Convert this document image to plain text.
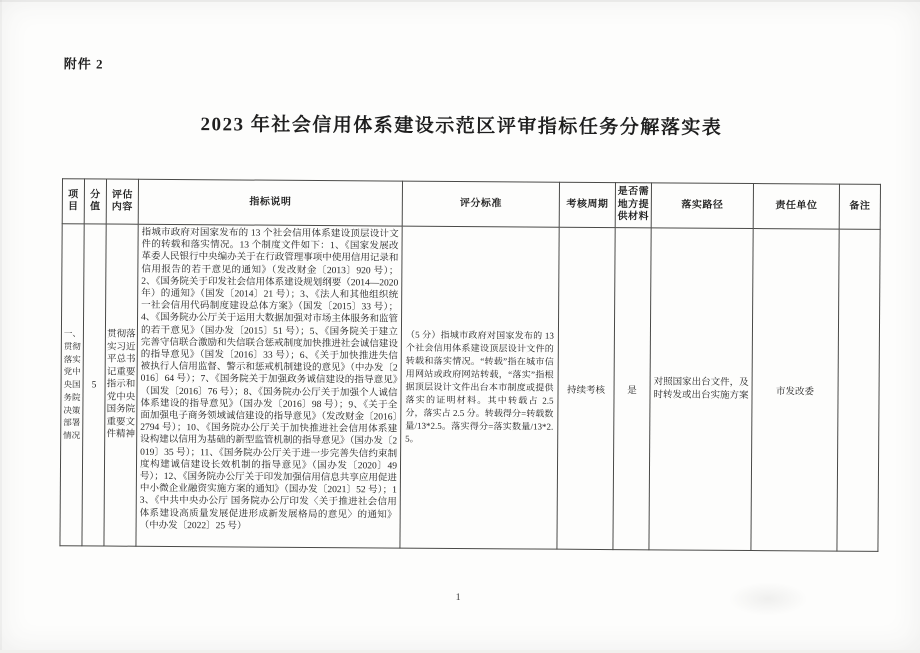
附件 2
2023 年社会信用体系建设示范区评审指标任务分解落实表
项目	分值	评估内容	指标说明	评分标准	考核周期	是否需地方提供材料	落实路径	责任单位	备注
一、贯彻落实党中央国务院决策部署情况	5	贯彻落实习近平总书记重要指示和党中央国务院重要文件精神	指城市政府对国家发布的 13 个社会信用体系建设顶层设计文件的转载和落实情况。13 个制度文件如下：1、《国家发展改革委人民银行中央编办关于在行政管理事项中使用信用记录和信用报告的若干意见的通知》（发改财金〔2013〕920 号）；2、《国务院关于印发社会信用体系建设规划纲要（2014—2020 年）的通知》（国发〔2014〕21 号）；3、《法人和其他组织统一社会信用代码制度建设总体方案》（国发〔2015〕33 号）；4、《国务院办公厅关于运用大数据加强对市场主体服务和监管的若干意见》（国办发〔2015〕51 号）；5、《国务院关于建立完善守信联合激励和失信联合惩戒制度加快推进社会诚信建设的指导意见》（国发〔2016〕33 号）；6、《关于加快推进失信被执行人信用监督、警示和惩戒机制建设的意见》（中办发〔2016〕64 号）；7、《国务院关于加强政务诚信建设的指导意见》（国发〔2016〕76 号）；8、《国务院办公厅关于加强个人诚信体系建设的指导意见》（国办发〔2016〕98 号）；9、《关于全面加强电子商务领域诚信建设的指导意见》（发改财金〔2016〕2794 号）；10、《国务院办公厅关于加快推进社会信用体系建设构建以信用为基础的新型监管机制的指导意见》（国办发〔2019〕35 号）；11、《国务院办公厅关于进一步完善失信约束制度构建诚信建设长效机制的指导意见》（国办发〔2020〕49 号）；12、《国务院办公厅关于印发加强信用信息共享应用促进中小微企业融资实施方案的通知》（国办发〔2021〕52 号）；13、《中共中央办公厅 国务院办公厅印发〈关于推进社会信用体系建设高质量发展促进形成新发展格局的意见〉的通知》（中办发〔2022〕25 号）	（5 分）指城市政府对国家发布的 13 个社会信用体系建设顶层设计文件的转载和落实情况。“转载”指在城市信用网站或政府网站转载，“落实”指根据顶层设计文件出台本市制度或提供落实的证明材料。其中转载占 2.5 分，落实占 2.5 分。转载得分=转载数量/13*2.5。落实得分=落实数量/13*2.5。	持续考核	是	对照国家出台文件，及时转发或出台实施方案	市发改委	
1
